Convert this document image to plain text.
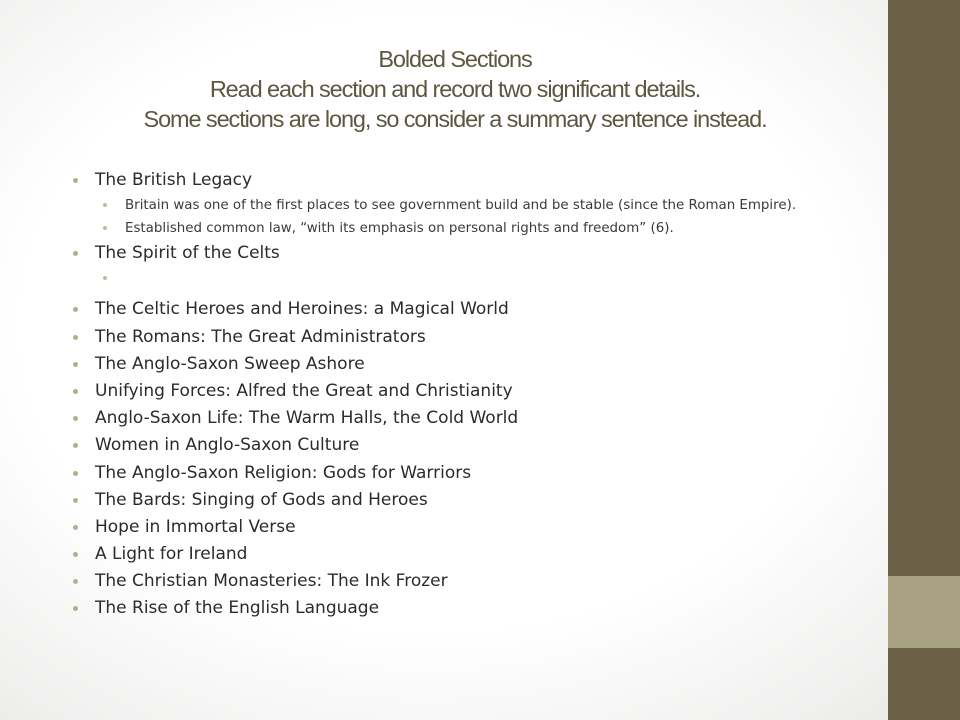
Bolded Sections
Read each section and record two significant details.
Some sections are long, so consider a summary sentence instead.
The British Legacy
Britain was one of the first places to see government build and be stable (since the Roman Empire).
Established common law, “with its emphasis on personal rights and freedom” (6).
The Spirit of the Celts
The Celtic Heroes and Heroines: a Magical World
The Romans: The Great Administrators
The Anglo-Saxon Sweep Ashore
Unifying Forces: Alfred the Great and Christianity
Anglo-Saxon Life: The Warm Halls, the Cold World
Women in Anglo-Saxon Culture
The Anglo-Saxon Religion: Gods for Warriors
The Bards: Singing of Gods and Heroes
Hope in Immortal Verse
A Light for Ireland
The Christian Monasteries: The Ink Frozer
The Rise of the English Language
